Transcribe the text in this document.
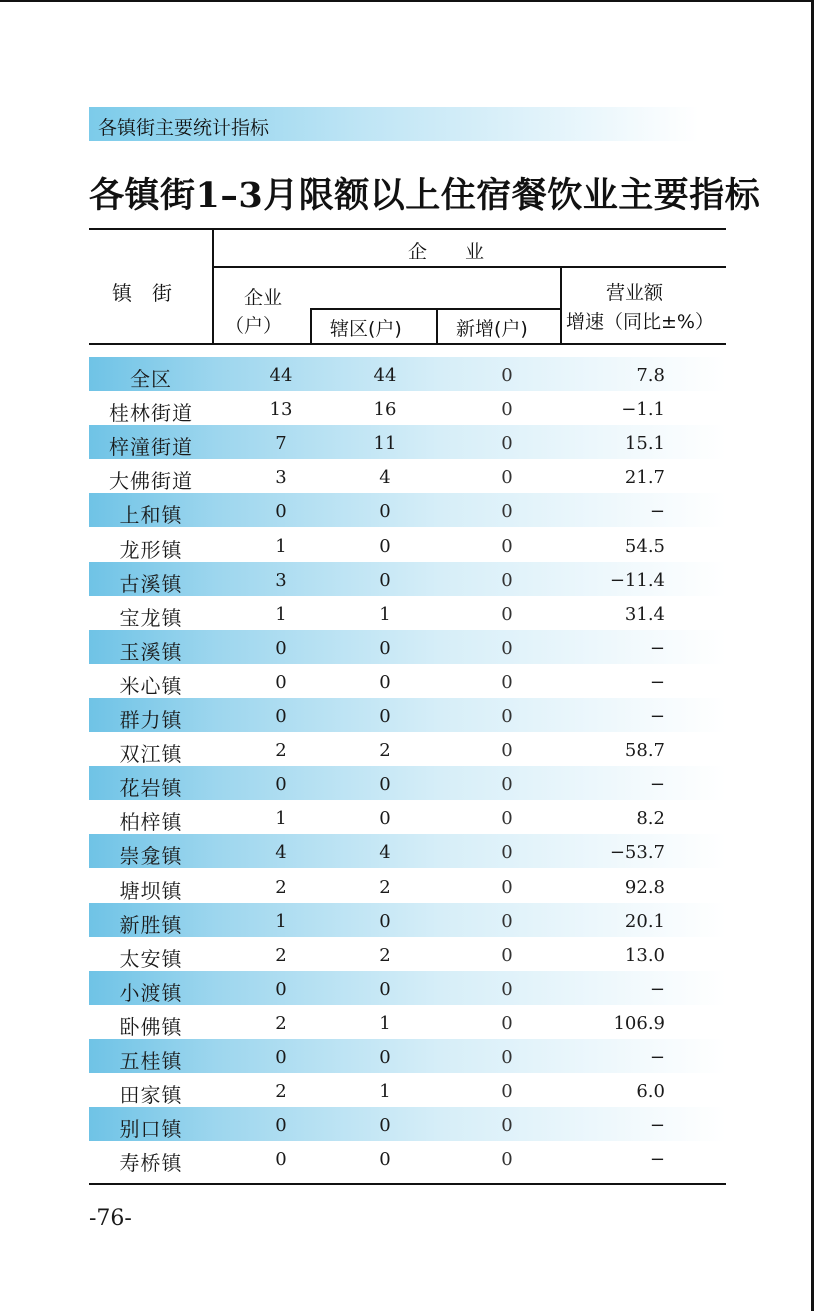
各镇街主要统计指标
各镇街1–3月限额以上住宿餐饮业主要指标
镇　街
企　　业
企业
（户）	辖区(户)	新增(户)
营业额
增速（同比±%）
全区	44	44	0	7.8
桂林街道	13	16	0	−1.1
梓潼街道	7	11	0	15.1
大佛街道	3	4	0	21.7
上和镇	0	0	0	−
龙形镇	1	0	0	54.5
古溪镇	3	0	0	−11.4
宝龙镇	1	1	0	31.4
玉溪镇	0	0	0	−
米心镇	0	0	0	−
群力镇	0	0	0	−
双江镇	2	2	0	58.7
花岩镇	0	0	0	−
柏梓镇	1	0	0	8.2
崇龛镇	4	4	0	−53.7
塘坝镇	2	2	0	92.8
新胜镇	1	0	0	20.1
太安镇	2	2	0	13.0
小渡镇	0	0	0	−
卧佛镇	2	1	0	106.9
五桂镇	0	0	0	−
田家镇	2	1	0	6.0
别口镇	0	0	0	−
寿桥镇	0	0	0	−
-76-
